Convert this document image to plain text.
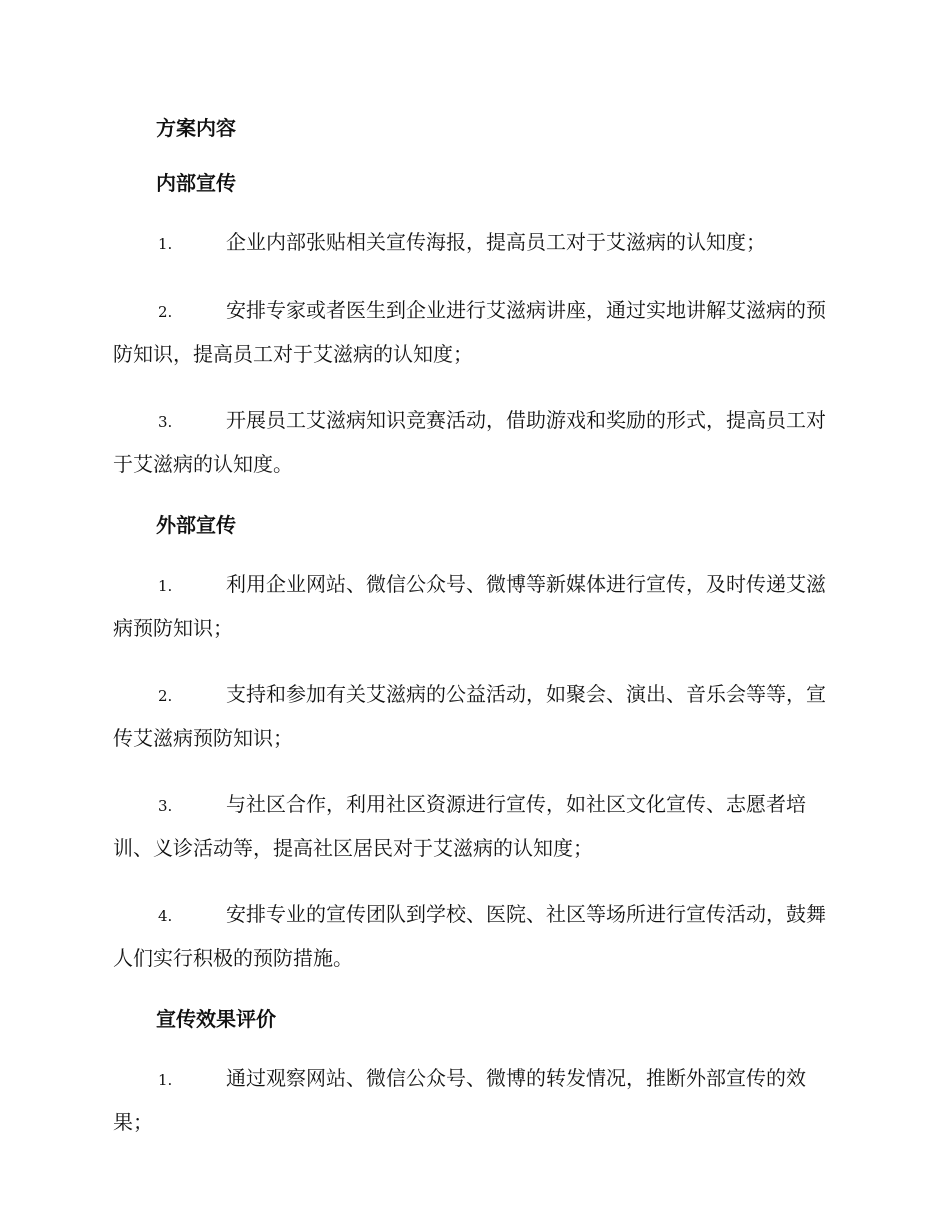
方案内容
内部宣传

1.	企业内部张贴相关宣传海报，提高员工对于艾滋病的认知度；

2.	安排专家或者医生到企业进行艾滋病讲座，通过实地讲解艾滋病的预防知识，提高员工对于艾滋病的认知度；

3.	开展员工艾滋病知识竞赛活动，借助游戏和奖励的形式，提高员工对于艾滋病的认知度。

外部宣传

1.	利用企业网站、微信公众号、微博等新媒体进行宣传，及时传递艾滋病预防知识；

2.	支持和参加有关艾滋病的公益活动，如聚会、演出、音乐会等等，宣传艾滋病预防知识；

3.	与社区合作，利用社区资源进行宣传，如社区文化宣传、志愿者培训、义诊活动等，提高社区居民对于艾滋病的认知度；

4.	安排专业的宣传团队到学校、医院、社区等场所进行宣传活动，鼓舞人们实行积极的预防措施。

宣传效果评价

1.	通过观察网站、微信公众号、微博的转发情况，推断外部宣传的效果；
